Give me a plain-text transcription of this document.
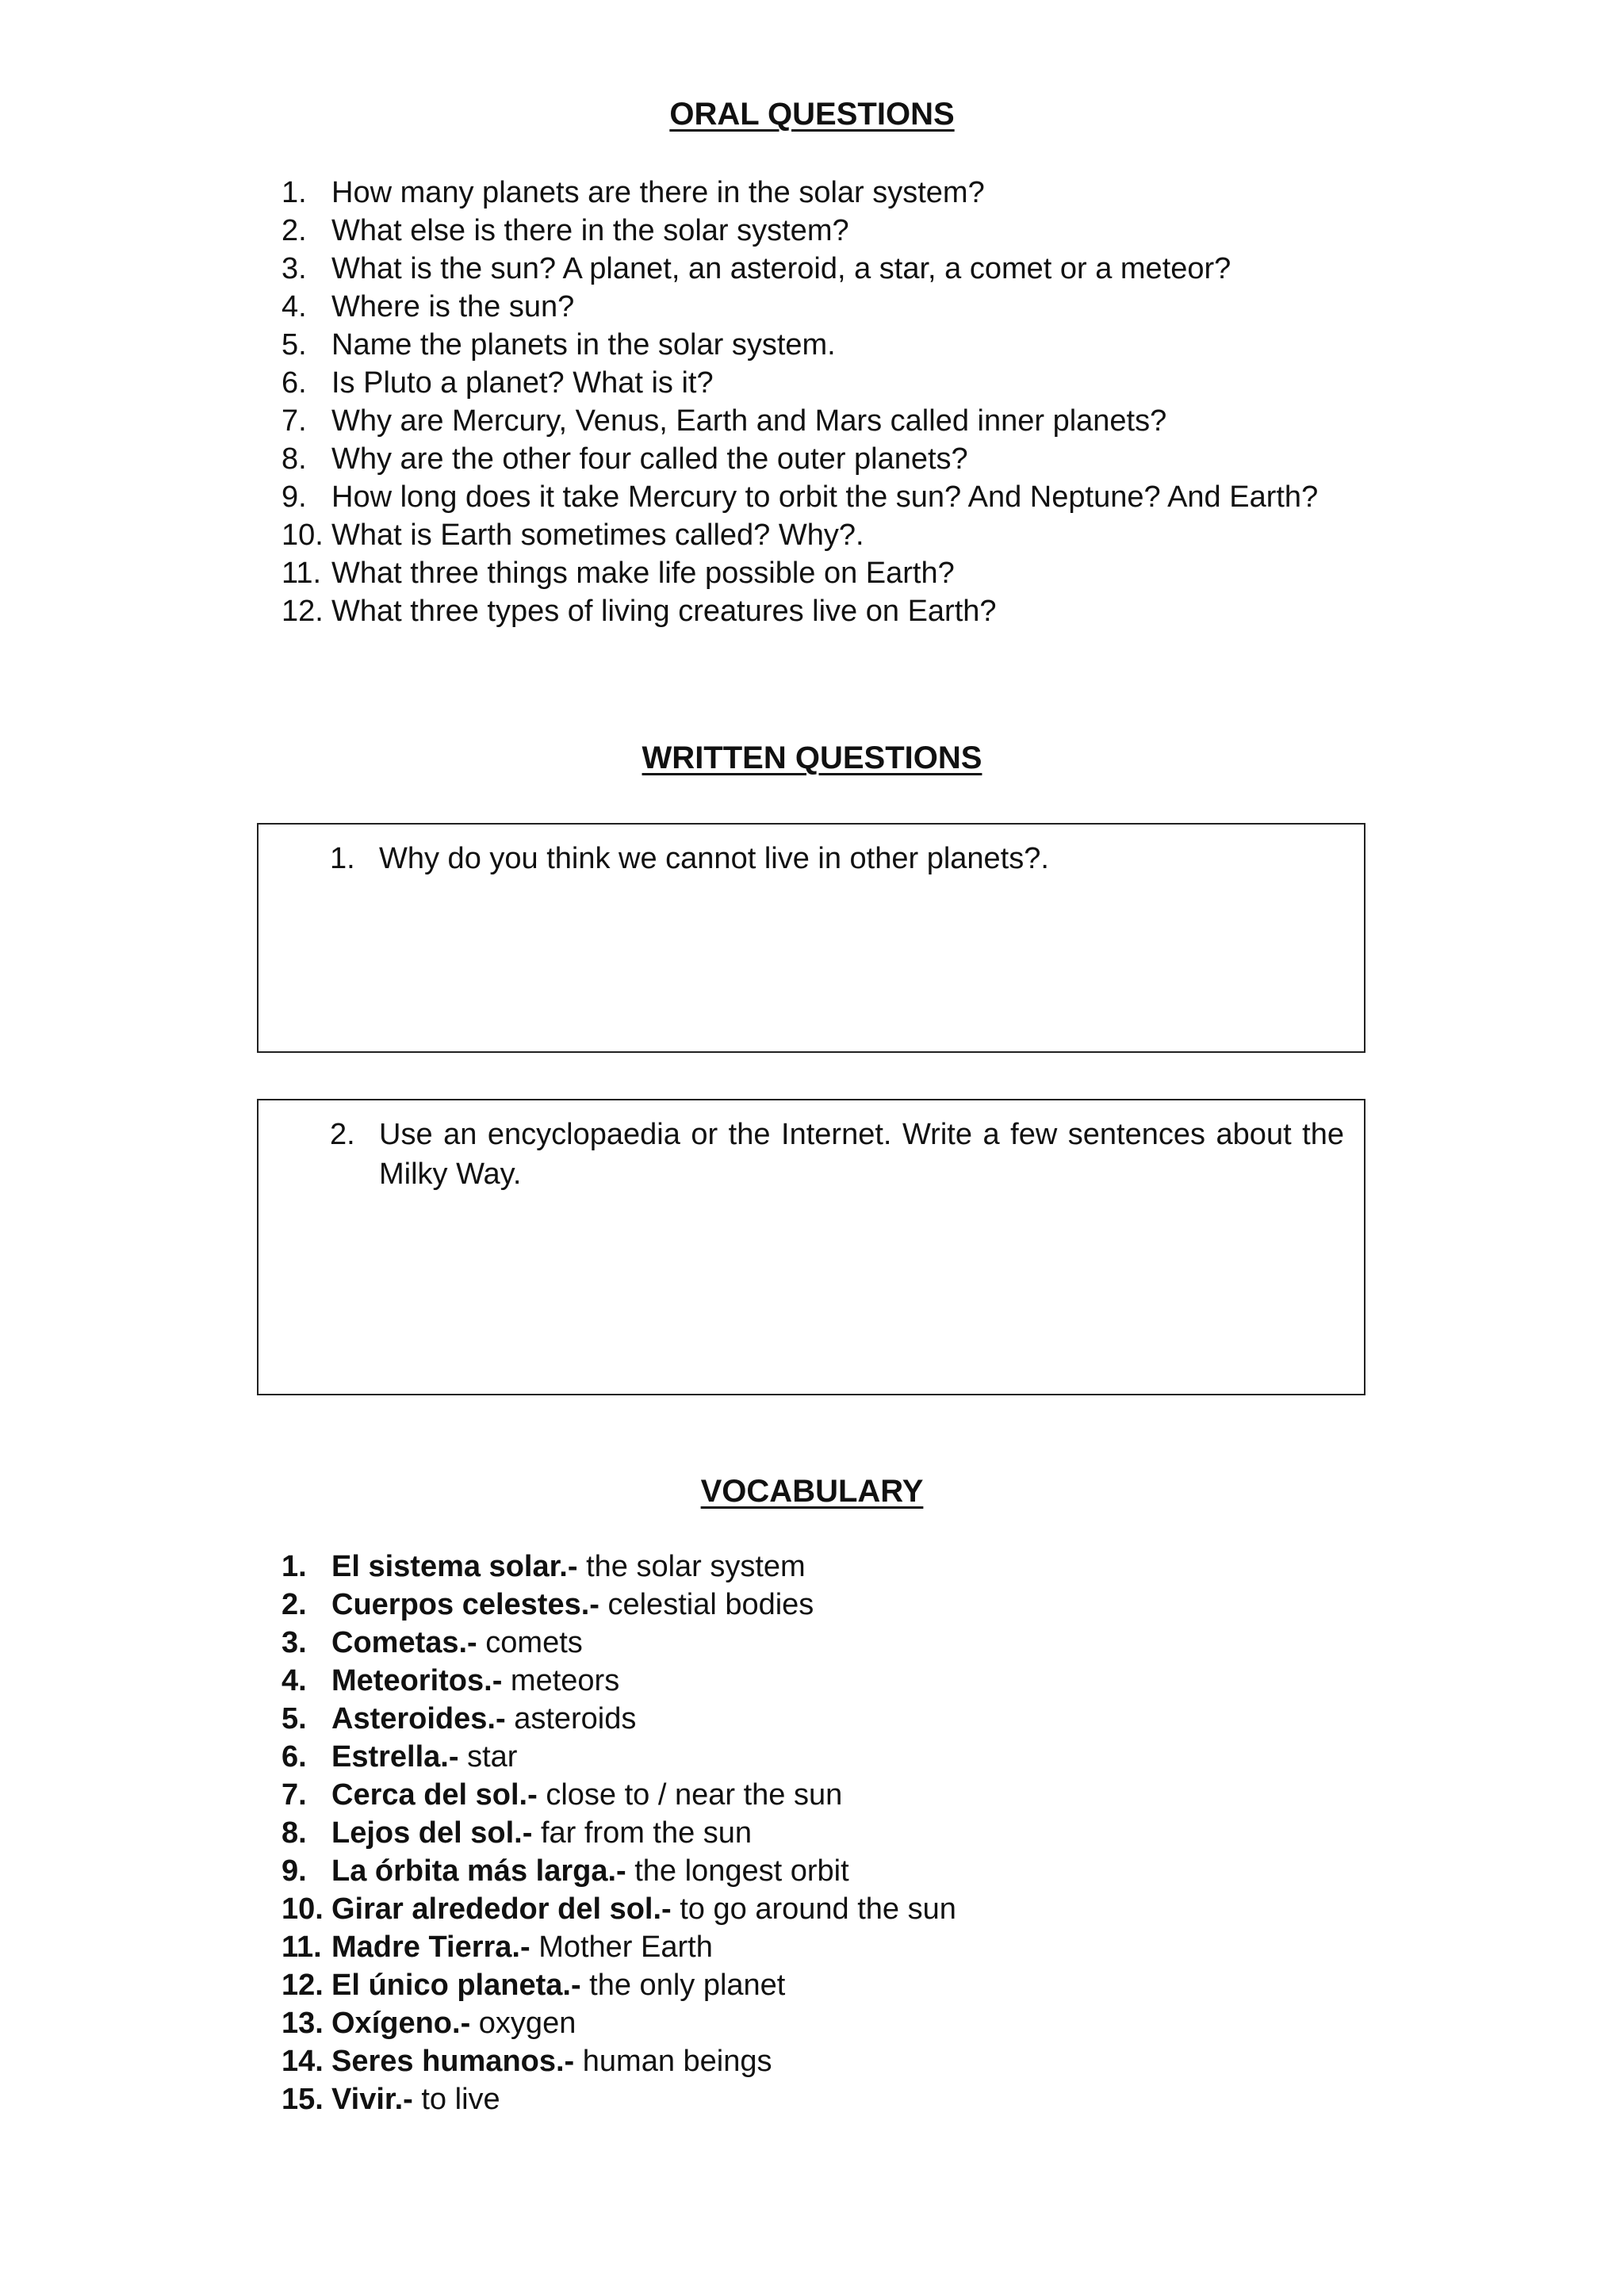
ORAL QUESTIONS
1. How many planets are there in the solar system?
2. What else is there in the solar system?
3. What is the sun? A planet, an asteroid, a star, a comet or a meteor?
4. Where is the sun?
5. Name the planets in the solar system.
6. Is Pluto a planet? What is it?
7. Why are Mercury, Venus, Earth and Mars called inner planets?
8. Why are the other four called the outer planets?
9. How long does it take Mercury to orbit the sun? And Neptune? And Earth?
10. What is Earth sometimes called? Why?.
11. What three things make life possible on Earth?
12. What three types of living creatures live on Earth?
WRITTEN QUESTIONS
1. Why do you think we cannot live in other planets?.
2. Use an encyclopaedia or the Internet. Write a few sentences about the Milky Way.
VOCABULARY
1. El sistema solar.- the solar system
2. Cuerpos celestes.- celestial bodies
3. Cometas.- comets
4. Meteoritos.- meteors
5. Asteroides.- asteroids
6. Estrella.- star
7. Cerca del sol.- close to / near the sun
8. Lejos del sol.- far from the sun
9. La órbita más larga.- the longest orbit
10. Girar alrededor del sol.- to go around the sun
11. Madre Tierra.- Mother Earth
12. El único planeta.- the only planet
13. Oxígeno.- oxygen
14. Seres humanos.- human beings
15. Vivir.- to live
